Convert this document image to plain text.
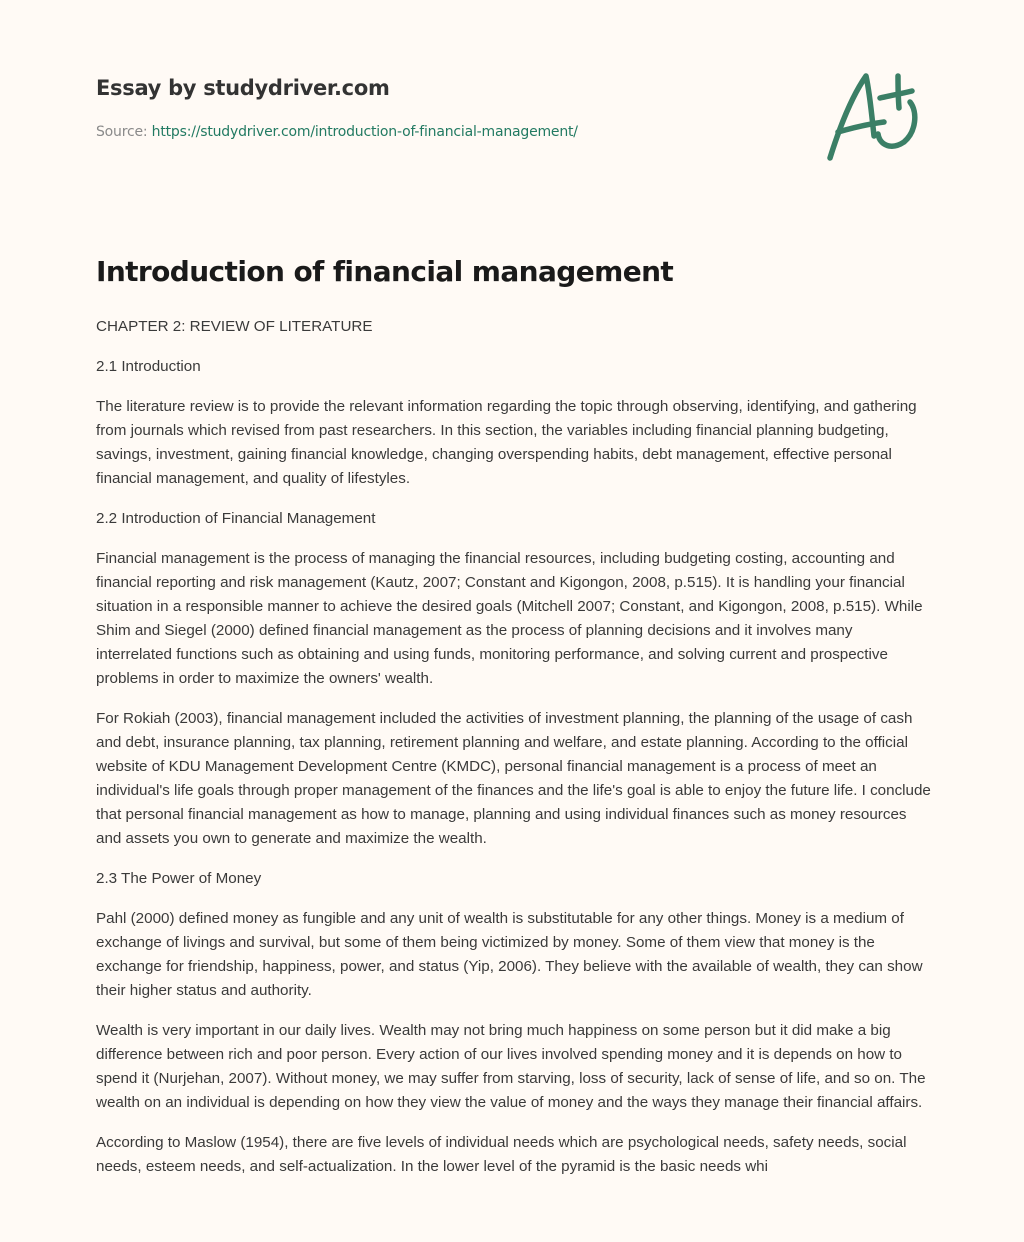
Essay by studydriver.com
Source: https://studydriver.com/introduction-of-financial-management/
Introduction of financial management

CHAPTER 2: REVIEW OF LITERATURE

2.1 Introduction

The literature review is to provide the relevant information regarding the topic through observing, identifying, and gathering from journals which revised from past researchers. In this section, the variables including financial planning budgeting, savings, investment, gaining financial knowledge, changing overspending habits, debt management, effective personal financial management, and quality of lifestyles.

2.2 Introduction of Financial Management

Financial management is the process of managing the financial resources, including budgeting costing, accounting and financial reporting and risk management (Kautz, 2007; Constant and Kigongon, 2008, p.515). It is handling your financial situation in a responsible manner to achieve the desired goals (Mitchell 2007; Constant, and Kigongon, 2008, p.515). While Shim and Siegel (2000) defined financial management as the process of planning decisions and it involves many interrelated functions such as obtaining and using funds, monitoring performance, and solving current and prospective problems in order to maximize the owners' wealth.

For Rokiah (2003), financial management included the activities of investment planning, the planning of the usage of cash and debt, insurance planning, tax planning, retirement planning and welfare, and estate planning. According to the official website of KDU Management Development Centre (KMDC), personal financial management is a process of meet an individual's life goals through proper management of the finances and the life's goal is able to enjoy the future life. I conclude that personal financial management as how to manage, planning and using individual finances such as money resources and assets you own to generate and maximize the wealth.

2.3 The Power of Money

Pahl (2000) defined money as fungible and any unit of wealth is substitutable for any other things. Money is a medium of exchange of livings and survival, but some of them being victimized by money. Some of them view that money is the exchange for friendship, happiness, power, and status (Yip, 2006). They believe with the available of wealth, they can show their higher status and authority.

Wealth is very important in our daily lives. Wealth may not bring much happiness on some person but it did make a big difference between rich and poor person. Every action of our lives involved spending money and it is depends on how to spend it (Nurjehan, 2007). Without money, we may suffer from starving, loss of security, lack of sense of life, and so on. The wealth on an individual is depending on how they view the value of money and the ways they manage their financial affairs.

According to Maslow (1954), there are five levels of individual needs which are psychological needs, safety needs, social needs, esteem needs, and self-actualization. In the lower level of the pyramid is the basic needs whi
